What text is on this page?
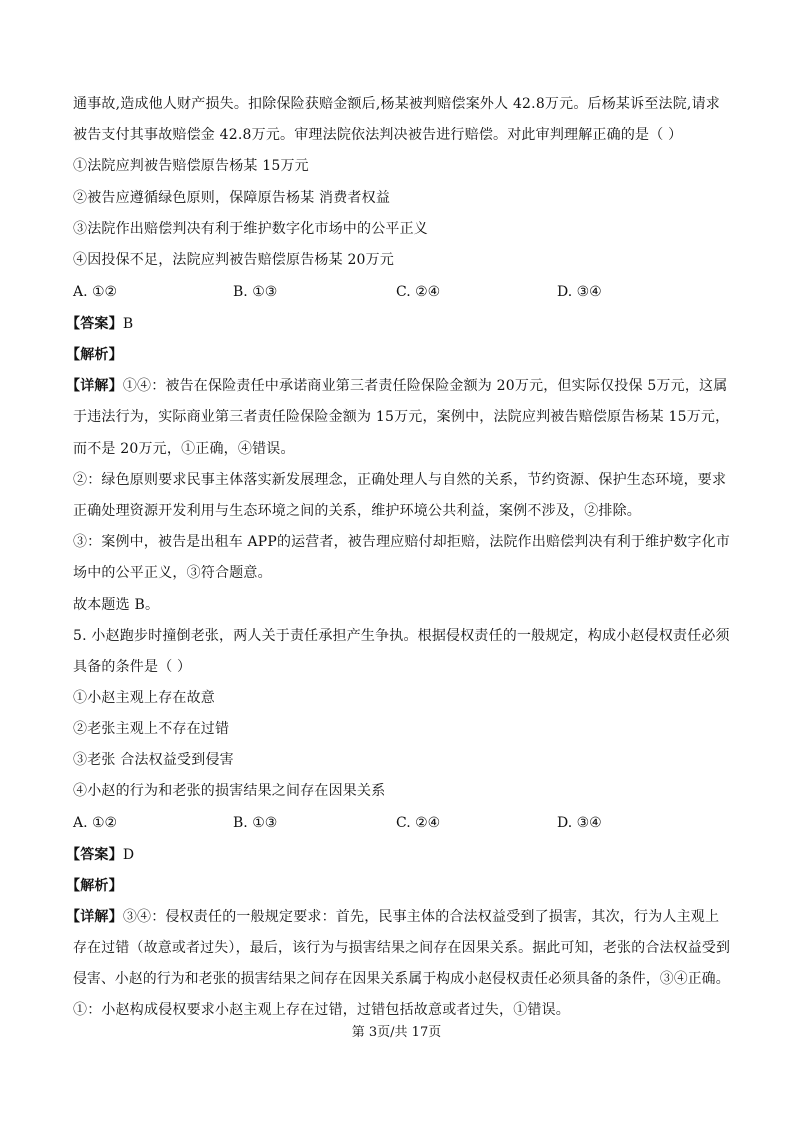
通事故,造成他人财产损失。扣除保险获赔金额后,杨某被判赔偿案外人 42.8万元。后杨某诉至法院,请求
被告支付其事故赔偿金 42.8万元。审理法院依法判决被告进行赔偿。对此审判理解正确的是（ ）
①法院应判被告赔偿原告杨某 15万元
②被告应遵循绿色原则，保障原告杨某 消费者权益
③法院作出赔偿判决有利于维护数字化市场中的公平正义
④因投保不足，法院应判被告赔偿原告杨某 20万元
A. ①②	B. ①③	C. ②④	D. ③④
【答案】B
【解析】
【详解】①④：被告在保险责任中承诺商业第三者责任险保险金额为 20万元，但实际仅投保 5万元，这属
于违法行为，实际商业第三者责任险保险金额为 15万元，案例中，法院应判被告赔偿原告杨某 15万元，
而不是 20万元，①正确，④错误。
②：绿色原则要求民事主体落实新发展理念，正确处理人与自然的关系，节约资源、保护生态环境，要求
正确处理资源开发利用与生态环境之间的关系，维护环境公共利益，案例不涉及，②排除。
③：案例中，被告是出租车 APP的运营者，被告理应赔付却拒赔，法院作出赔偿判决有利于维护数字化市
场中的公平正义，③符合题意。
故本题选 B。
5. 小赵跑步时撞倒老张，两人关于责任承担产生争执。根据侵权责任的一般规定，构成小赵侵权责任必须
具备的条件是（ ）
①小赵主观上存在故意
②老张主观上不存在过错
③老张 合法权益受到侵害
④小赵的行为和老张的损害结果之间存在因果关系
A. ①②	B. ①③	C. ②④	D. ③④
【答案】D
【解析】
【详解】③④：侵权责任的一般规定要求：首先，民事主体的合法权益受到了损害，其次，行为人主观上
存在过错（故意或者过失），最后，该行为与损害结果之间存在因果关系。据此可知，老张的合法权益受到
侵害、小赵的行为和老张的损害结果之间存在因果关系属于构成小赵侵权责任必须具备的条件，③④正确。
①：小赵构成侵权要求小赵主观上存在过错，过错包括故意或者过失，①错误。
第 3页/共 17页
